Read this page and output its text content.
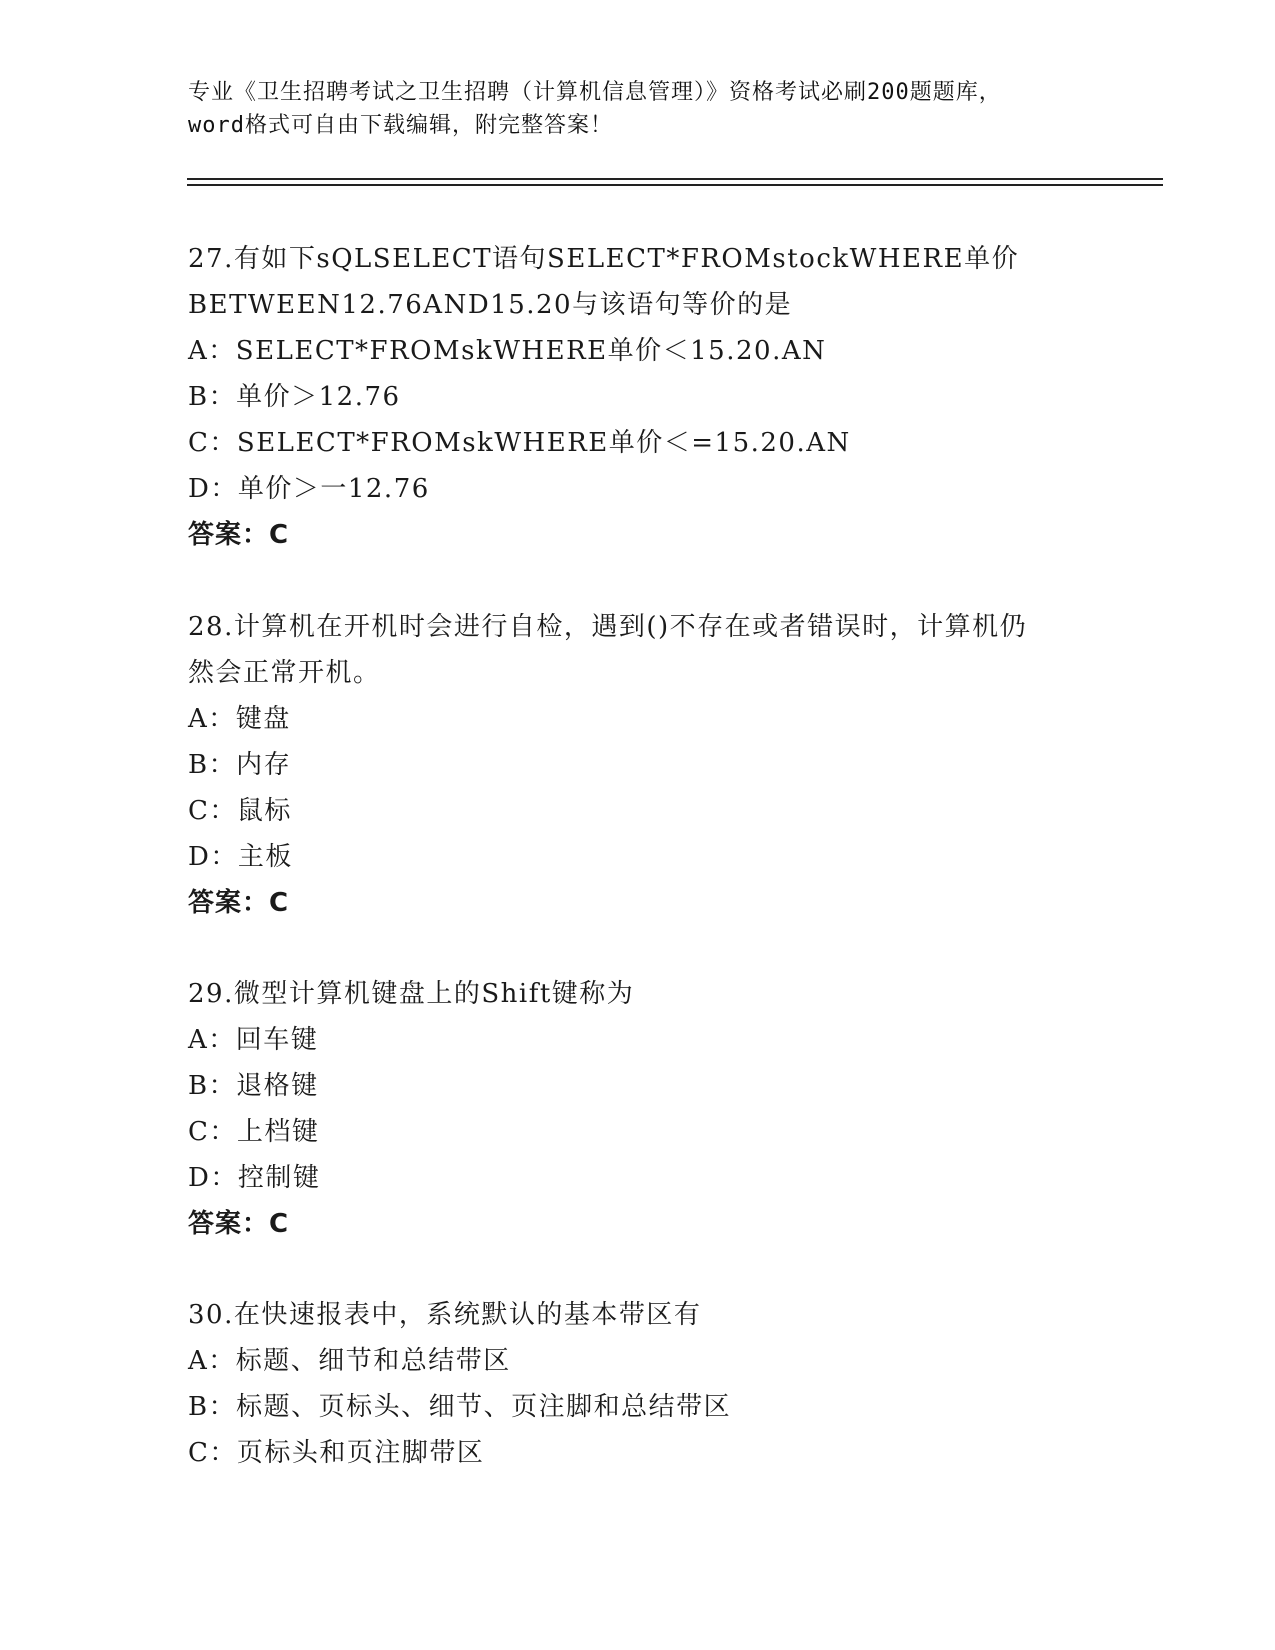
专业《卫生招聘考试之卫生招聘（计算机信息管理）》资格考试必刷200题题库，

word格式可自由下载编辑，附完整答案！

27.有如下sQLSELECT语句SELECT*FROMstockWHERE单价
BETWEEN12.76AND15.20与该语句等价的是
A：SELECT*FROMskWHERE单价＜15.20.AN
B：单价＞12.76
C：SELECT*FROMskWHERE单价＜=15.20.AN
D：单价＞一12.76
答案：C
28.计算机在开机时会进行自检，遇到()不存在或者错误时，计算机仍
然会正常开机。
A：键盘
B：内存
C：鼠标
D：主板
答案：C
29.微型计算机键盘上的Shift键称为
A：回车键
B：退格键
C：上档键
D：控制键
答案：C
30.在快速报表中，系统默认的基本带区有
A：标题、细节和总结带区
B：标题、页标头、细节、页注脚和总结带区
C：页标头和页注脚带区
